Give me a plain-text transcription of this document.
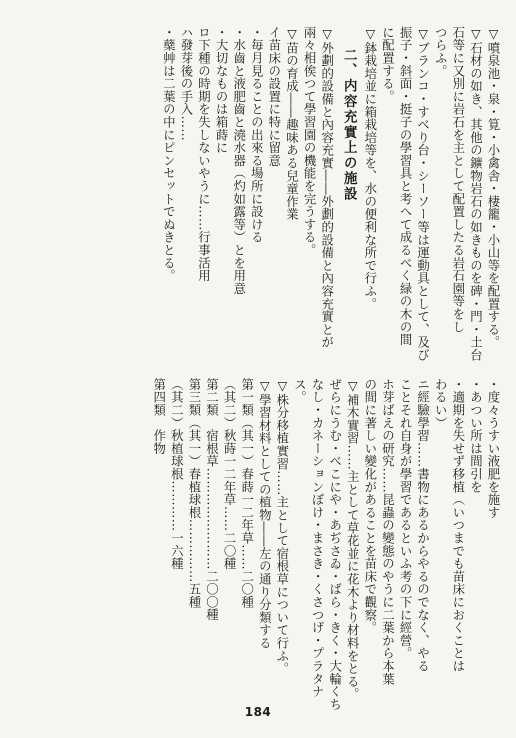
▽噴泉池・泉・筧・小禽舎・棲籠・小山等を配置する。
▽石材の如き、其他の鑛物岩石の如きものを碑・門・土台
石等に又別に岩石を主として配置したる岩石園等をし
つらふ。
▽ブランコ・すべり台・シーソー等は運動具として、及び
振子・斜面・挺子の學習具と考へて成るべく緑の木の間
に配置する。
▽鉢栽培並に箱栽培等を、水の便利な所で行ふ。
二、内容充實上の施設
▽外劃的設備と內容充實――外劃的設備と內容充實とが
兩々相俟つて學習園の機能を完うする。
▽苗の育成――趣味ある兒童作業
イ苗床の設置に特に留意
・毎月見ることの出來る場所に設ける
・水齒と液肥齒と澆水器（灼如露等）とを用意
・大切なものは箱蒔に
ロ下種の時期を失しないやうに……行事活用
ハ發芽後の手入……
・蘖艸は二葉の中にピンセットでぬきとる。
・度々うすい液肥を施す
・あつい所は間引を
・適期を失せず移植（いつまでも苗床におくことは
わるい）
ニ經驗學習……書物にあるからやるのでなく、やる
ことそれ自身が學習であるといふ考の下に經營。
ホ芽ばえの研究……昆蟲の變態のやうに二葉から本葉
の間に著しい變化があることを苗床で觀察。
▽補木實習……主として草花並に花木より材料をとる。
ぜらにうむ・べこにや・あぢさゐ・ばら・きく・大輪くち
なし・カネーションぼけ・まさき・くさつげ・プラタナ
ス。
▽株分移植實習……主として宿根草について行ふ。
▽學習材料としての植物――左の通り分類する
第一類（其一）春蒔一二年草……二〇種
（其二）秋蒔一二年草……二〇種
第二類　宿根草……………………二〇〇種
第三類（其一）春植球根……………五種
（其二）秋植球根…………一六種
第四類　作物
184
